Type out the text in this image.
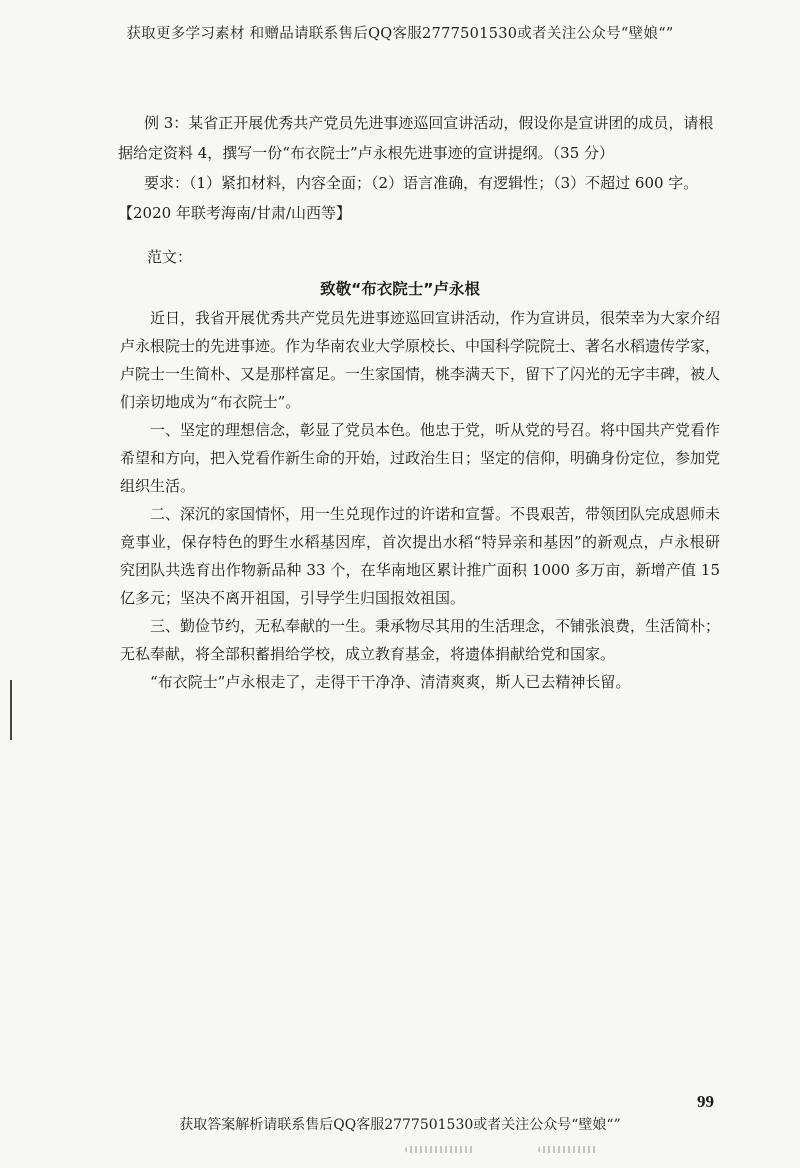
获取更多学习素材 和赠品请联系售后QQ客服2777501530或者关注公众号“壁娘“”

例 3：某省正开展优秀共产党员先进事迹巡回宣讲活动，假设你是宣讲团的成员，请根据给定资料 4，撰写一份“布衣院士”卢永根先进事迹的宣讲提纲。（35 分）

要求：（1）紧扣材料，内容全面；（2）语言准确，有逻辑性；（3）不超过 600 字。【2020 年联考海南/甘肃/山西等】

范文：
致敬“布衣院士”卢永根

近日，我省开展优秀共产党员先进事迹巡回宣讲活动，作为宣讲员，很荣幸为大家介绍卢永根院士的先进事迹。作为华南农业大学原校长、中国科学院院士、著名水稻遗传学家，卢院士一生简朴、又是那样富足。一生家国情，桃李满天下，留下了闪光的无字丰碑，被人们亲切地成为“布衣院士”。

一、坚定的理想信念，彰显了党员本色。他忠于党，听从党的号召。将中国共产党看作希望和方向，把入党看作新生命的开始，过政治生日；坚定的信仰，明确身份定位，参加党组织生活。

二、深沉的家国情怀，用一生兑现作过的许诺和宣誓。不畏艰苦，带领团队完成恩师未竟事业，保存特色的野生水稻基因库，首次提出水稻“特异亲和基因”的新观点，卢永根研究团队共选育出作物新品种 33 个，在华南地区累计推广面积 1000 多万亩，新增产值 15 亿多元；坚决不离开祖国，引导学生归国报效祖国。

三、勤俭节约，无私奉献的一生。秉承物尽其用的生活理念，不铺张浪费，生活简朴；无私奉献，将全部积蓄捐给学校，成立教育基金，将遗体捐献给党和国家。

“布衣院士”卢永根走了，走得干干净净、清清爽爽，斯人已去精神长留。

99
获取答案解析请联系售后QQ客服2777501530或者关注公众号“壁娘“”
